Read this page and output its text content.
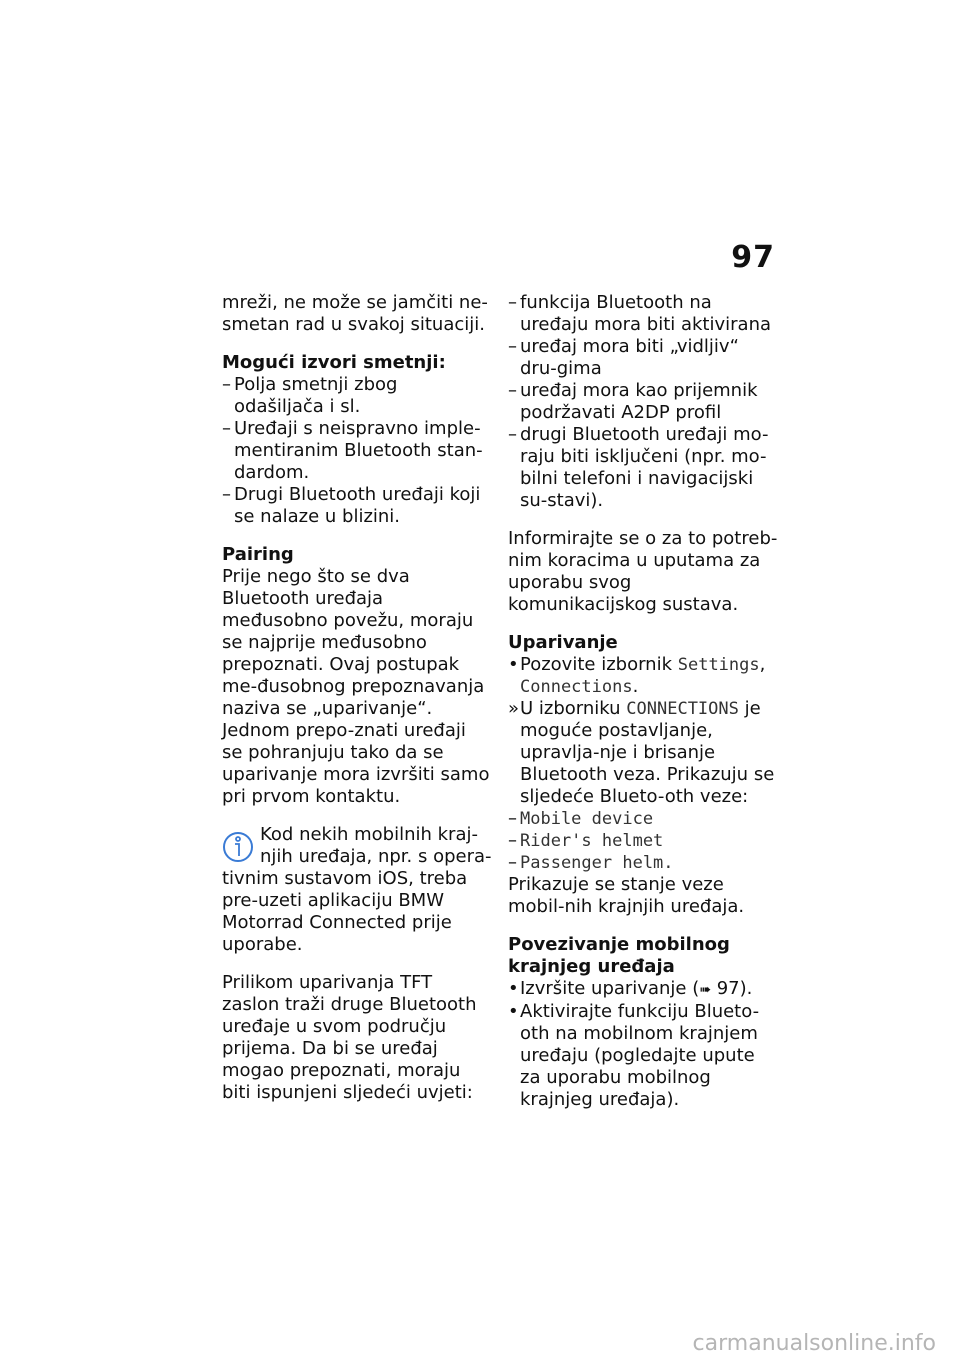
97

mreži, ne može se jamčiti ne-smetan rad u svakoj situaciji.

Mogući izvori smetnji:

– Polja smetnji zbog odašiljača i sl.

– Uređaji s neispravno imple-mentiranim Bluetooth stan-dardom.

– Drugi Bluetooth uređaji koji se nalaze u blizini.

Pairing

Prije nego što se dva Bluetooth uređaja međusobno povežu, moraju se najprije međusobno prepoznati. Ovaj postupak me-đusobnog prepoznavanja naziva se „uparivanje“. Jednom prepo-znati uređaji se pohranjuju tako da se uparivanje mora izvršiti samo pri prvom kontaktu.

Kod nekih mobilnih kraj-njih uređaja, npr. s opera-tivnim sustavom iOS, treba pre-uzeti aplikaciju BMW Motorrad Connected prije uporabe.

Prilikom uparivanja TFT zaslon traži druge Bluetooth uređaje u svom području prijema. Da bi se uređaj mogao prepoznati, moraju biti ispunjeni sljedeći uvjeti:

– funkcija Bluetooth na uređaju mora biti aktivirana

– uređaj mora biti „vidljiv“ dru-gima

– uređaj mora kao prijemnik podržavati A2DP profil

– drugi Bluetooth uređaji mo-raju biti isključeni (npr. mo-bilni telefoni i navigacijski su-stavi).

Informirajte se o za to potreb-nim koracima u uputama za uporabu svog komunikacijskog sustava.

Uparivanje

• Pozovite izbornik Settings, Connections.

» U izborniku CONNECTIONS je moguće postavljanje, upravlja-nje i brisanje Bluetooth veza. Prikazuju se sljedeće Blueto-oth veze:

– Mobile device

– Rider's helmet

– Passenger helm.

Prikazuje se stanje veze mobil-nih krajnjih uređaja.

Povezivanje mobilnog krajnjeg uređaja

• Izvršite uparivanje (➠ 97).

• Aktivirajte funkciju Blueto-oth na mobilnom krajnjem uređaju (pogledajte upute za uporabu mobilnog krajnjeg uređaja).

carmanualsonline.info
